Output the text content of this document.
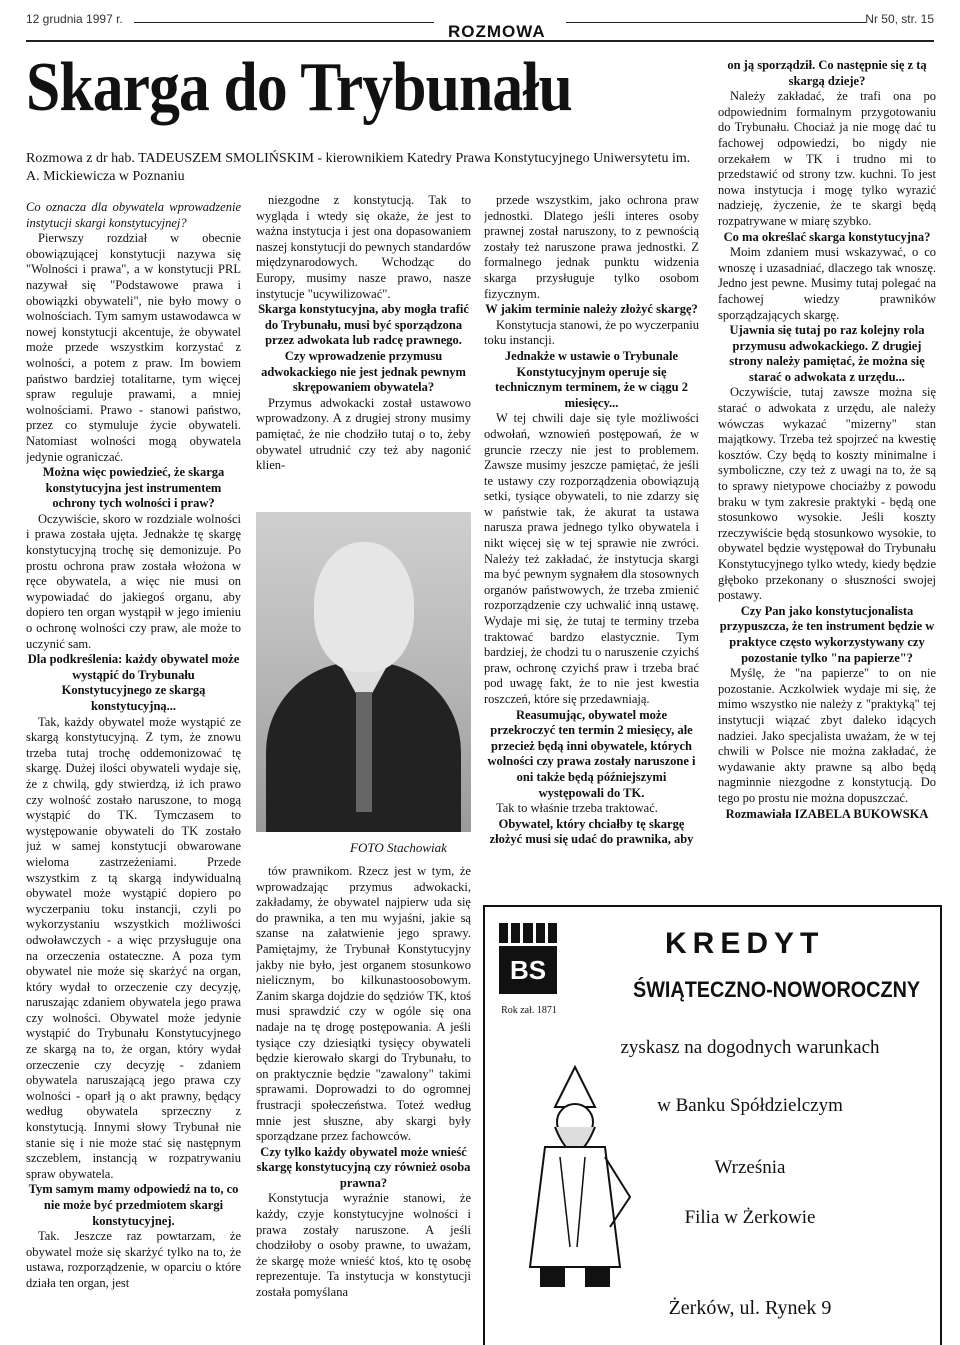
12 grudnia 1997 r.
ROZMOWA
Nr 50, str. 15
Skarga do Trybunału
Rozmowa z dr hab. TADEUSZEM SMOLIŃSKIM - kierownikiem Katedry Prawa Konstytucyjnego Uniwersytetu im. A. Mickiewicza w Poznaniu

Co oznacza dla obywatela wprowadzenie instytucji skargi konstytucyjnej?

Pierwszy rozdział w obecnie obowiązującej konstytucji nazywa się "Wolności i prawa", a w konstytucji PRL nazywał się "Podstawowe prawa i obowiązki obywateli", nie było mowy o wolnościach. Tym samym ustawodawca w nowej konstytucji akcentuje, że obywatel może przede wszystkim korzystać z wolności, a potem z praw. Im bowiem państwo bardziej totalitarne, tym więcej spraw reguluje prawami, a mniej wolnościami. Prawo - stanowi państwo, przez co stymuluje życie obywateli. Natomiast wolności mogą obywatela jedynie ograniczać.

Można więc powiedzieć, że skarga konstytucyjna jest instrumentem ochrony tych wolności i praw?

Oczywiście, skoro w rozdziale wolności i prawa została ujęta. Jednakże tę skargę konstytucyjną trochę się demonizuje. Po prostu ochrona praw została włożona w ręce obywatela, a więc nie musi on wypowiadać do jakiegoś organu, aby dopiero ten organ wystąpił w jego imieniu o ochronę wolności czy praw, ale może to uczynić sam.

Dla podkreślenia: każdy obywatel może wystąpić do Trybunału Konstytucyjnego ze skargą konstytucyjną...

Tak, każdy obywatel może wystąpić ze skargą konstytucyjną. Z tym, że znowu trzeba tutaj trochę oddemonizować tę skargę. Dużej ilości obywateli wydaje się, że z chwilą, gdy stwierdzą, iż ich prawo czy wolność zostało naruszone, to mogą wystąpić do TK. Tymczasem to występowanie obywateli do TK zostało już w samej konstytucji obwarowane wieloma zastrzeżeniami. Przede wszystkim z tą skargą indywidualną obywatel może wystąpić dopiero po wyczerpaniu toku instancji, czyli po wykorzystaniu wszystkich możliwości odwoławczych - a więc przysługuje ona na orzeczenia ostateczne. A poza tym obywatel nie może się skarżyć na organ, który wydał to orzeczenie czy decyzję, naruszając zdaniem obywatela jego prawa czy wolności. Obywatel może jedynie wystąpić do Trybunału Konstytucyjnego ze skargą na to, że organ, który wydał orzeczenie czy decyzję - zdaniem obywatela naruszającą jego prawa czy wolności - oparł ją o akt prawny, będący według obywatela sprzeczny z konstytucją. Innymi słowy Trybunał nie stanie się i nie może stać się następnym szczeblem, instancją w rozpatrywaniu spraw obywatela.

Tym samym mamy odpowiedź na to, co nie może być przedmiotem skargi konstytucyjnej.

Tak. Jeszcze raz powtarzam, że obywatel może się skarżyć tylko na to, że ustawa, rozporządzenie, w oparciu o które działa ten organ, jest

niezgodne z konstytucją. Tak to wygląda i wtedy się okaże, że jest to ważna instytucja i jest ona dopasowaniem naszej konstytucji do pewnych standardów międzynarodowych. Wchodząc do Europy, musimy nasze prawo, nasze instytucje "ucywilizować".

Skarga konstytucyjna, aby mogła trafić do Trybunału, musi być sporządzona przez adwokata lub radcę prawnego. Czy wprowadzenie przymusu adwokackiego nie jest jednak pewnym skrępowaniem obywatela?

Przymus adwokacki został ustawowo wprowadzony. A z drugiej strony musimy pamiętać, że nie chodziło tutaj o to, żeby obywatel utrudnić czy też aby nagonić klien-

FOTO Stachowiak

tów prawnikom. Rzecz jest w tym, że wprowadzając przymus adwokacki, zakładamy, że obywatel najpierw uda się do prawnika, a ten mu wyjaśni, jakie są szanse na załatwienie jego sprawy. Pamiętajmy, że Trybunał Konstytucyjny jakby nie było, jest organem stosunkowo nielicznym, bo kilkunastoosobowym. Zanim skarga dojdzie do sędziów TK, ktoś musi sprawdzić czy w ogóle się ona nadaje na tę drogę postępowania. A jeśli tysiące czy dziesiątki tysięcy obywateli będzie kierowało skargi do Trybunału, to on praktycznie będzie "zawalony" takimi sprawami. Doprowadzi to do ogromnej frustracji społeczeństwa. Toteż według mnie jest słuszne, aby skargi były sporządzane przez fachowców.

Czy tylko każdy obywatel może wnieść skargę konstytucyjną czy również osoba prawna?

Konstytucja wyraźnie stanowi, że każdy, czyje konstytucyjne wolności i prawa zostały naruszone. A jeśli chodziłoby o osoby prawne, to uważam, że skargę może wnieść ktoś, kto tę osobę reprezentuje. Ta instytucja w konstytucji została pomyślana

przede wszystkim, jako ochrona praw jednostki. Dlatego jeśli interes osoby prawnej został naruszony, to z pewnością zostały też naruszone prawa jednostki. Z formalnego jednak punktu widzenia skarga przysługuje tylko osobom fizycznym.

W jakim terminie należy złożyć skargę?

Konstytucja stanowi, że po wyczerpaniu toku instancji.

Jednakże w ustawie o Trybunale Konstytucyjnym operuje się technicznym terminem, że w ciągu 2 miesięcy...

W tej chwili daje się tyle możliwości odwołań, wznowień postępowań, że w gruncie rzeczy nie jest to problemem. Zawsze musimy jeszcze pamiętać, że jeśli te ustawy czy rozporządzenia obowiązują setki, tysiące obywateli, to nie zdarzy się w państwie tak, że akurat ta ustawa narusza prawa jednego tylko obywatela i nikt więcej się w tej sprawie nie zwróci. Należy też zakładać, że instytucja skargi ma być pewnym sygnałem dla stosownych organów państwowych, że trzeba zmienić rozporządzenie czy uchwalić inną ustawę. Wydaje mi się, że tutaj te terminy trzeba traktować bardzo elastycznie. Tym bardziej, że chodzi tu o naruszenie czyichś praw, ochronę czyichś praw i trzeba brać pod uwagę fakt, że to nie jest kwestia roszczeń, które się przedawniają.

Reasumując, obywatel może przekroczyć ten termin 2 miesięcy, ale przecież będą inni obywatele, których wolności czy prawa zostały naruszone i oni także będą późniejszymi występowali do TK.

Tak to właśnie trzeba traktować.

Obywatel, który chciałby tę skargę złożyć musi się udać do prawnika, aby

on ją sporządził. Co następnie się z tą skargą dzieje?

Należy zakładać, że trafi ona po odpowiednim formalnym przygotowaniu do Trybunału. Chociaż ja nie mogę dać tu fachowej odpowiedzi, bo nigdy nie orzekałem w TK i trudno mi to przedstawić od strony tzw. kuchni. To jest nowa instytucja i mogę tylko wyrazić nadzieję, życzenie, że te skargi będą rozpatrywane w miarę szybko.

Co ma określać skarga konstytucyjna?

Moim zdaniem musi wskazywać, o co wnoszę i uzasadniać, dlaczego tak wnoszę. Jedno jest pewne. Musimy tutaj polegać na fachowej wiedzy prawników sporządzających skargę.

Ujawnia się tutaj po raz kolejny rola przymusu adwokackiego. Z drugiej strony należy pamiętać, że można się starać o adwokata z urzędu...

Oczywiście, tutaj zawsze można się starać o adwokata z urzędu, ale należy wówczas wykazać "mizerny" stan majątkowy. Trzeba też spojrzeć na kwestię kosztów. Czy będą to koszty minimalne i symboliczne, czy też z uwagi na to, że są to sprawy nietypowe chociażby z powodu braku w tym zakresie praktyki - będą one stosunkowo wysokie. Jeśli koszty rzeczywiście będą stosunkowo wysokie, to obywatel będzie występował do Trybunału Konstytucyjnego tylko wtedy, kiedy będzie głęboko przekonany o słuszności swojej postawy.

Czy Pan jako konstytucjonalista przypuszcza, że ten instrument będzie w praktyce często wykorzystywany czy pozostanie tylko "na papierze"?

Myślę, że "na papierze" to on nie pozostanie. Aczkolwiek wydaje mi się, że mimo wszystko nie należy z "praktyką" tej instytucji wiązać zbyt daleko idących nadziei. Jako specjalista uważam, że w tej chwili w Polsce nie można zakładać, że wydawanie akty prawne są albo będą nagminnie niezgodne z konstytucją. Do tego po prostu nie można dopuszczać.

Rozmawiała IZABELA BUKOWSKA

BS
Rok zał. 1871
KREDYT
ŚWIĄTECZNO-NOWOROCZNY
zyskasz na dogodnych warunkach
w Banku Spółdzielczym
Września
Filia w Żerkowie
Żerków, ul. Rynek 9
